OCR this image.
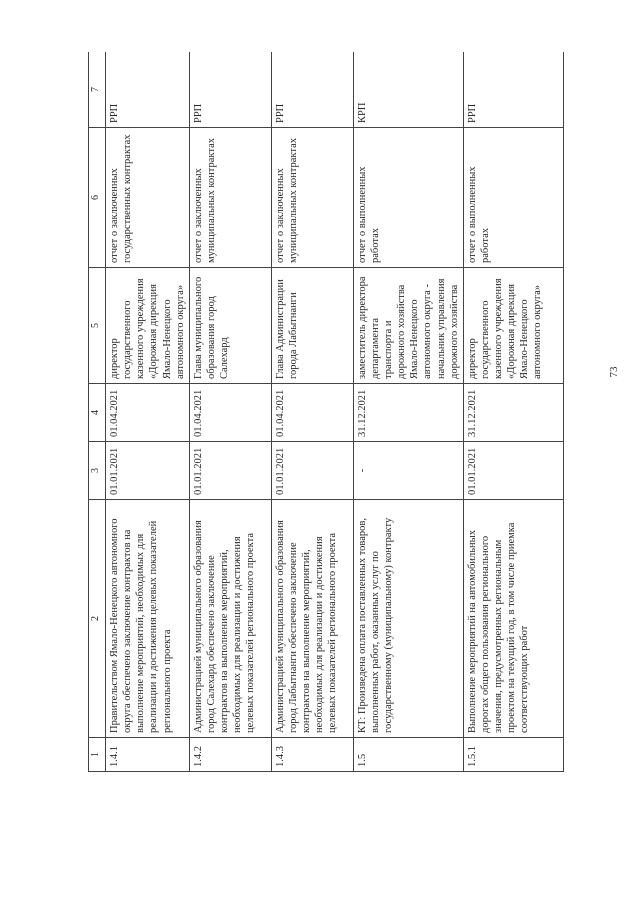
73
1	2	3	4	5	6	7
1.4.1	Правительством Ямало-Ненецкого автономного округа обеспечено заключение контрактов на выполнение мероприятий, необходимых для реализации и достижения целевых показателей регионального проекта	01.01.2021	01.04.2021	директор государственного казенного учреждения «Дорожная дирекция Ямало-Ненецкого автономного округа»	отчет о заключенных государственных контрактах	РРП
1.4.2	Администрацией муниципального образования город Салехард обеспечено заключение контрактов на выполнение мероприятий, необходимых для реализации и достижения целевых показателей регионального проекта	01.01.2021	01.04.2021	Глава муниципального образования город Салехард	отчет о заключенных муниципальных контрактах	РРП
1.4.3	Администрацией муниципального образования город Лабытнанги обеспечено заключение контрактов на выполнение мероприятий, необходимых для реализации и достижения целевых показателей регионального проекта	01.01.2021	01.04.2021	Глава Администрации города Лабытнанги	отчет о заключенных муниципальных контрактах	РРП
1.5	КТ: Произведена оплата поставленных товаров, выполненных работ, оказанных услуг по государственному (муниципальному) контракту	-	31.12.2021	заместитель директора департамента транспорта и дорожного хозяйства Ямало-Ненецкого автономного округа - начальник управления дорожного хозяйства	отчет о выполненных работах	КРП
1.5.1	Выполнение мероприятий на автомобильных дорогах общего пользования регионального значения, предусмотренных региональным проектом на текущий год, в том числе приемка соответствующих работ	01.01.2021	31.12.2021	директор государственного казенного учреждения «Дорожная дирекция Ямало-Ненецкого автономного округа»	отчет о выполненных работах	РРП
